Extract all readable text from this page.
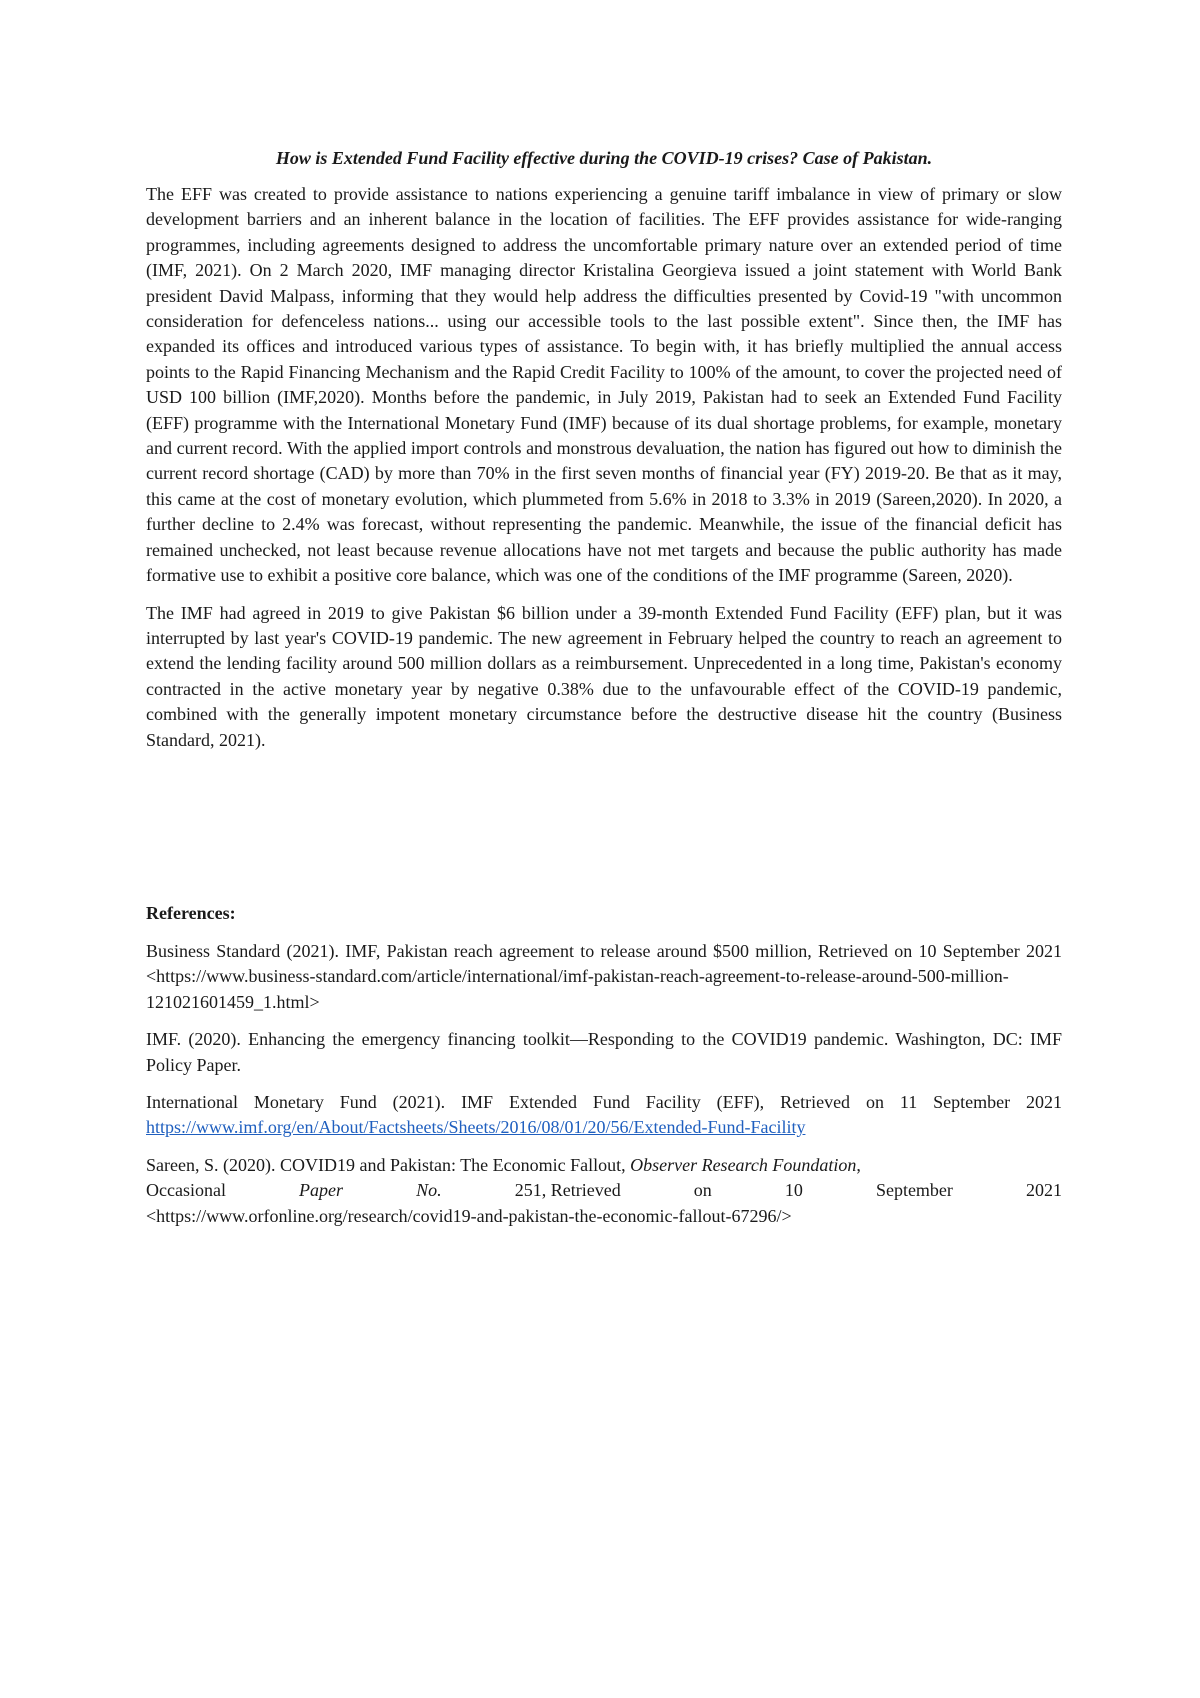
How is Extended Fund Facility effective during the COVID-19 crises? Case of Pakistan.

The EFF was created to provide assistance to nations experiencing a genuine tariff imbalance in view of primary or slow development barriers and an inherent balance in the location of facilities. The EFF provides assistance for wide-ranging programmes, including agreements designed to address the uncomfortable primary nature over an extended period of time (IMF, 2021). On 2 March 2020, IMF managing director Kristalina Georgieva issued a joint statement with World Bank president David Malpass, informing that they would help address the difficulties presented by Covid-19 "with uncommon consideration for defenceless nations... using our accessible tools to the last possible extent". Since then, the IMF has expanded its offices and introduced various types of assistance. To begin with, it has briefly multiplied the annual access points to the Rapid Financing Mechanism and the Rapid Credit Facility to 100% of the amount, to cover the projected need of USD 100 billion (IMF,2020). Months before the pandemic, in July 2019, Pakistan had to seek an Extended Fund Facility (EFF) programme with the International Monetary Fund (IMF) because of its dual shortage problems, for example, monetary and current record. With the applied import controls and monstrous devaluation, the nation has figured out how to diminish the current record shortage (CAD) by more than 70% in the first seven months of financial year (FY) 2019-20. Be that as it may, this came at the cost of monetary evolution, which plummeted from 5.6% in 2018 to 3.3% in 2019 (Sareen,2020). In 2020, a further decline to 2.4% was forecast, without representing the pandemic. Meanwhile, the issue of the financial deficit has remained unchecked, not least because revenue allocations have not met targets and because the public authority has made formative use to exhibit a positive core balance, which was one of the conditions of the IMF programme (Sareen, 2020).

The IMF had agreed in 2019 to give Pakistan $6 billion under a 39-month Extended Fund Facility (EFF) plan, but it was interrupted by last year's COVID-19 pandemic. The new agreement in February helped the country to reach an agreement to extend the lending facility around 500 million dollars as a reimbursement. Unprecedented in a long time, Pakistan's economy contracted in the active monetary year by negative 0.38% due to the unfavourable effect of the COVID-19 pandemic, combined with the generally impotent monetary circumstance before the destructive disease hit the country (Business Standard, 2021).

References:

Business Standard (2021). IMF, Pakistan reach agreement to release around $500 million, Retrieved on 10 September 2021 <https://www.business-standard.com/article/international/imf-pakistan-reach-agreement-to-release-around-500-million-121021601459_1.html>

IMF. (2020). Enhancing the emergency financing toolkit—Responding to the COVID19 pandemic. Washington, DC: IMF Policy Paper.

International Monetary Fund (2021). IMF Extended Fund Facility (EFF), Retrieved on 11 September 2021 https://www.imf.org/en/About/Factsheets/Sheets/2016/08/01/20/56/Extended-Fund-Facility

Sareen, S. (2020). COVID19 and Pakistan: The Economic Fallout, Observer Research Foundation,
Occasional	Paper	No.	251, Retrieved	on	10	September	2021
<https://www.orfonline.org/research/covid19-and-pakistan-the-economic-fallout-67296/>
